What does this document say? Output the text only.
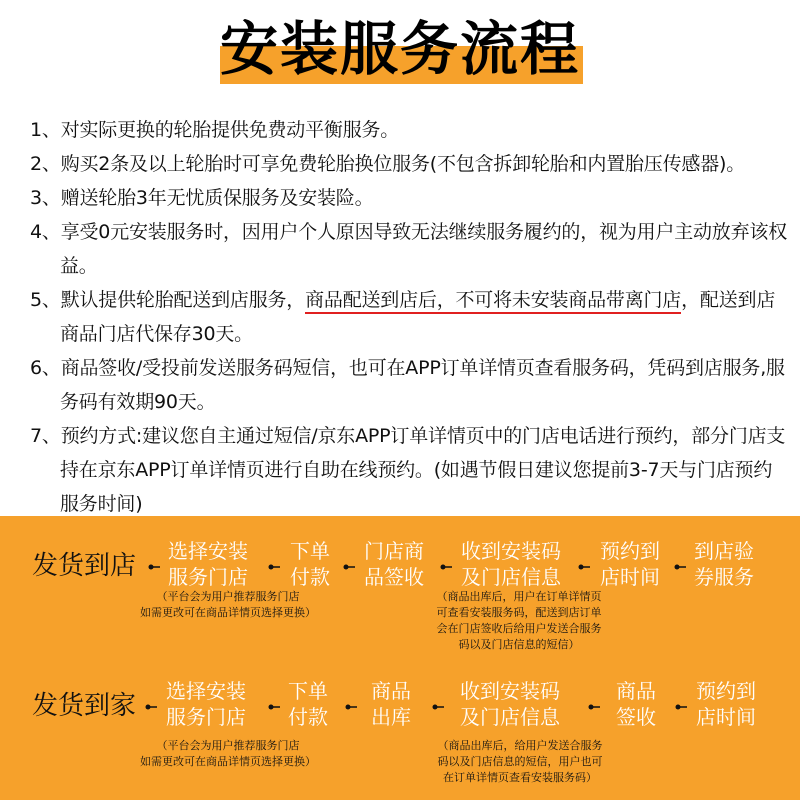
安装服务流程
1、对实际更换的轮胎提供免费动平衡服务。
2、购买2条及以上轮胎时可享免费轮胎换位服务(不包含拆卸轮胎和内置胎压传感器)。
3、赠送轮胎3年无忧质保服务及安装险。
4、享受0元安装服务时，因用户个人原因导致无法继续服务履约的，视为用户主动放弃该权益。
5、默认提供轮胎配送到店服务，商品配送到店后，不可将未安装商品带离门店，配送到店商品门店代保存30天。
6、商品签收/受投前发送服务码短信，也可在APP订单详情页查看服务码，凭码到店服务,服务码有效期90天。
7、预约方式:建议您自主通过短信/京东APP订单详情页中的门店电话进行预约，部分门店支持在京东APP订单详情页进行自助在线预约。(如遇节假日建议您提前3-7天与门店预约服务时间)
发货到店 选择安装
服务门店
下单
付款
门店商
品签收
收到安装码
及门店信息
预约到
店时间
到店验
券服务
（平台会为用户推荐服务门店
如需更改可在商品详情页选择更换）
（商品出库后，用户在订单详情页
可查看安装服务码，配送到店订单
会在门店签收后给用户发送合服务
码以及门店信息的短信）
发货到家 选择安装
服务门店
下单
付款
商品
出库
收到安装码
及门店信息
商品
签收
预约到
店时间
（平台会为用户推荐服务门店
如需更改可在商品详情页选择更换）
（商品出库后，给用户发送合服务
码以及门店信息的短信，用户也可
在订单详情页查看安装服务码）
